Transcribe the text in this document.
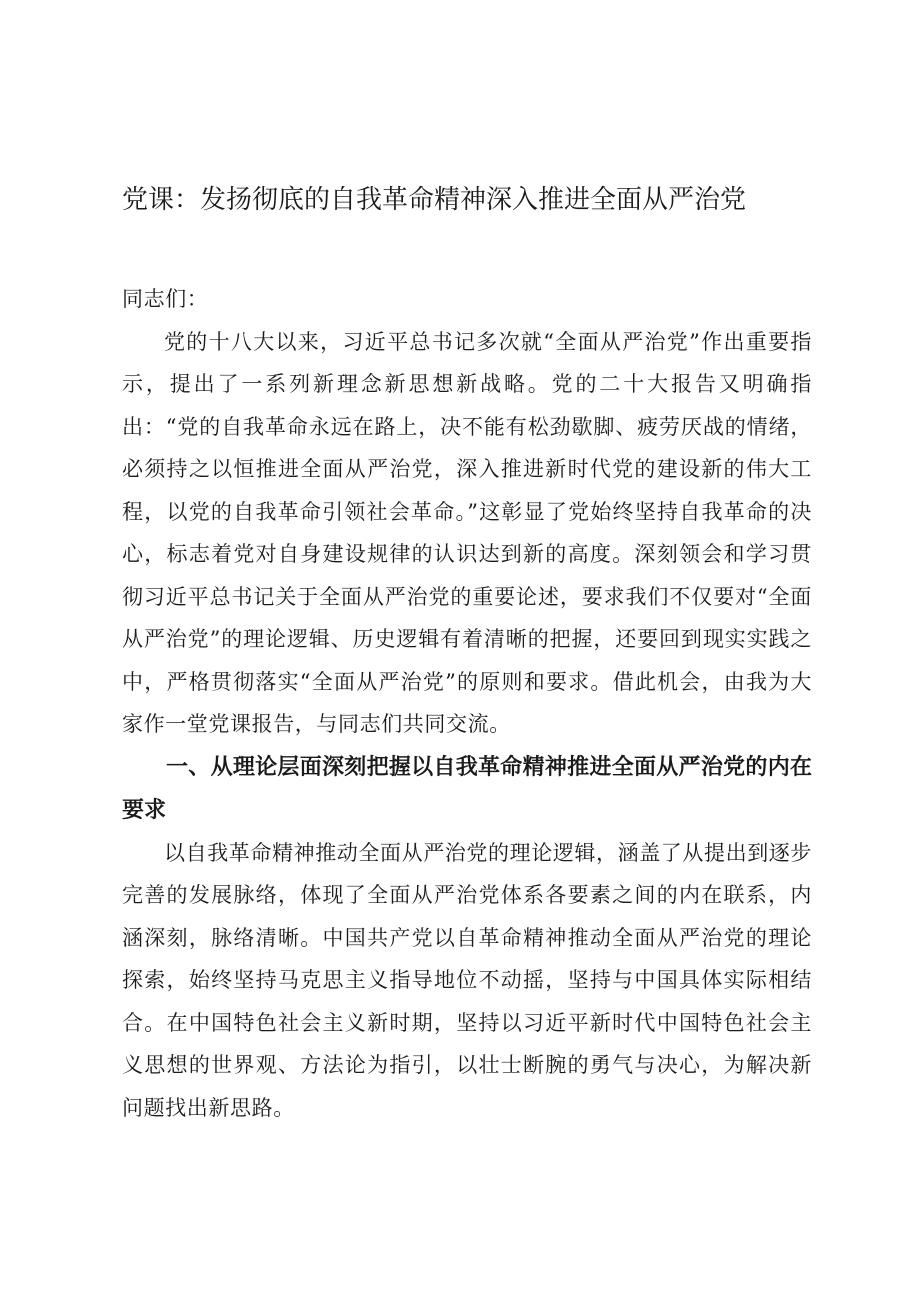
党课：发扬彻底的自我革命精神深入推进全面从严治党

同志们：

党的十八大以来，习近平总书记多次就“全面从严治党”作出重要指示，提出了一系列新理念新思想新战略。党的二十大报告又明确指出：“党的自我革命永远在路上，决不能有松劲歇脚、疲劳厌战的情绪，必须持之以恒推进全面从严治党，深入推进新时代党的建设新的伟大工程，以党的自我革命引领社会革命。”这彰显了党始终坚持自我革命的决心，标志着党对自身建设规律的认识达到新的高度。深刻领会和学习贯彻习近平总书记关于全面从严治党的重要论述，要求我们不仅要对“全面从严治党”的理论逻辑、历史逻辑有着清晰的把握，还要回到现实实践之中，严格贯彻落实“全面从严治党”的原则和要求。借此机会，由我为大家作一堂党课报告，与同志们共同交流。

一、从理论层面深刻把握以自我革命精神推进全面从严治党的内在要求

以自我革命精神推动全面从严治党的理论逻辑，涵盖了从提出到逐步完善的发展脉络，体现了全面从严治党体系各要素之间的内在联系，内涵深刻，脉络清晰。中国共产党以自革命精神推动全面从严治党的理论探索，始终坚持马克思主义指导地位不动摇，坚持与中国具体实际相结合。在中国特色社会主义新时期，坚持以习近平新时代中国特色社会主义思想的世界观、方法论为指引，以壮士断腕的勇气与决心，为解决新问题找出新思路。
